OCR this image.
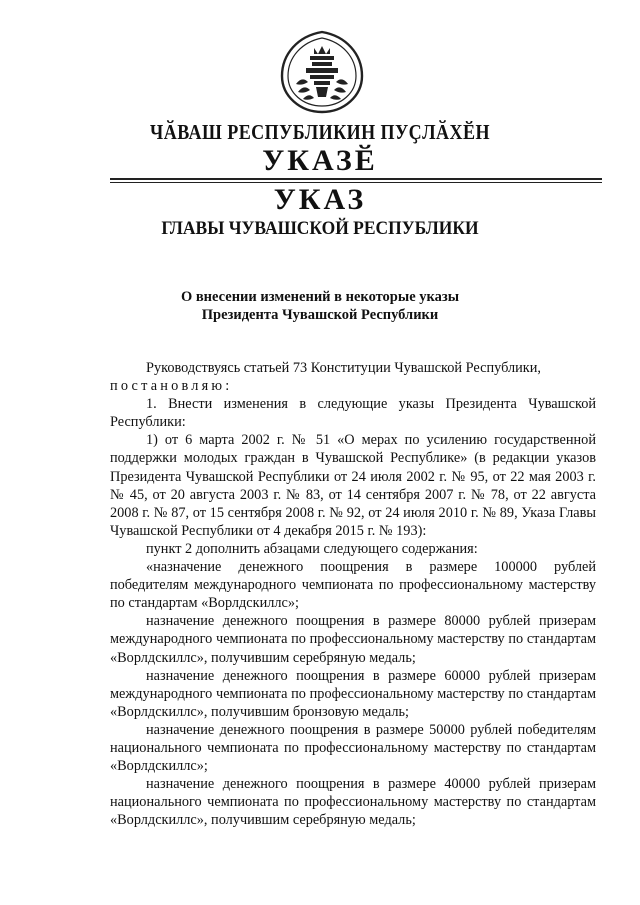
ЧӐВАШ РЕСПУБЛИКИН ПУҪЛӐХӖН
УКАЗӖ
УКАЗ
ГЛАВЫ ЧУВАШСКОЙ РЕСПУБЛИКИ
О внесении изменений в некоторые указы
Президента Чувашской Республики

Руководствуясь статьей 73 Конституции Чувашской Республики,
постановляю:

1. Внести изменения в следующие указы Президента Чувашской Республики:

1) от 6 марта 2002 г. № 51 «О мерах по усилению государственной поддержки молодых граждан в Чувашской Республике» (в редакции указов Президента Чувашской Республики от 24 июля 2002 г. № 95, от 22 мая 2003 г. № 45, от 20 августа 2003 г. № 83, от 14 сентября 2007 г. № 78, от 22 августа 2008 г. № 87, от 15 сентября 2008 г. № 92, от 24 июля 2010 г. № 89, Указа Главы Чувашской Республики от 4 декабря 2015 г. № 193):

пункт 2 дополнить абзацами следующего содержания:

«назначение денежного поощрения в размере 100000 рублей победителям международного чемпионата по профессиональному мастерству по стандартам «Ворлдскиллс»;

назначение денежного поощрения в размере 80000 рублей призерам международного чемпионата по профессиональному мастерству по стандартам «Ворлдскиллс», получившим серебряную медаль;

назначение денежного поощрения в размере 60000 рублей призерам международного чемпионата по профессиональному мастерству по стандартам «Ворлдскиллс», получившим бронзовую медаль;

назначение денежного поощрения в размере 50000 рублей победителям национального чемпионата по профессиональному мастерству по стандартам «Ворлдскиллс»;

назначение денежного поощрения в размере 40000 рублей призерам национального чемпионата по профессиональному мастерству по стандартам «Ворлдскиллс», получившим серебряную медаль;
